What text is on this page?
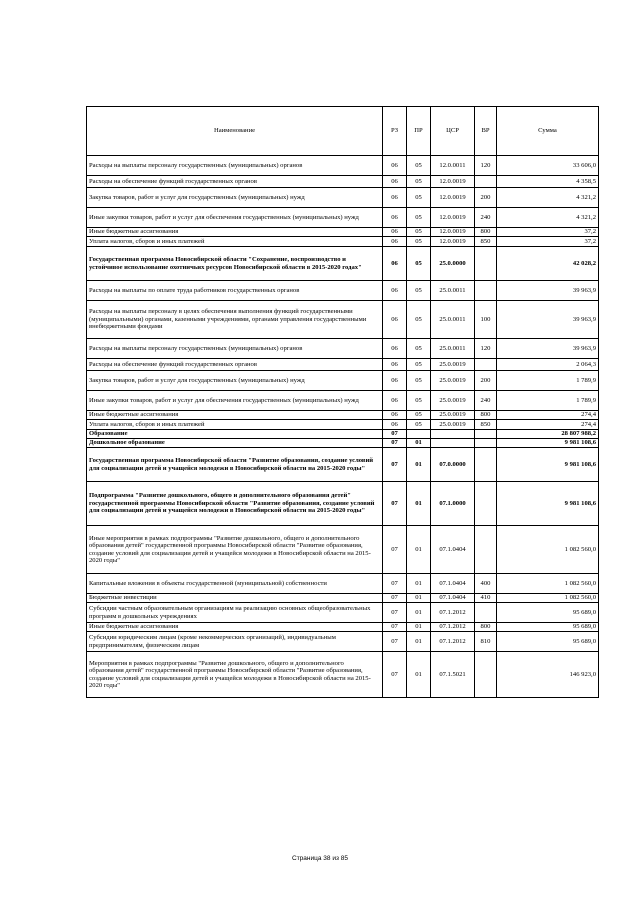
Наименование	РЗ	ПР	ЦСР	ВР	Сумма
Расходы на выплаты персоналу государственных (муниципальных) органов	06	05	12.0.0011	120	33 606,0
Расходы на обеспечение функций государственных органов	06	05	12.0.0019		4 358,5
Закупка товаров, работ и услуг для государственных (муниципальных) нужд	06	05	12.0.0019	200	4 321,2
Иные закупки товаров, работ и услуг для обеспечения государственных (муниципальных) нужд	06	05	12.0.0019	240	4 321,2
Иные бюджетные ассигнования	06	05	12.0.0019	800	37,2
Уплата налогов, сборов и иных платежей	06	05	12.0.0019	850	37,2
Государственная программа Новосибирской области "Сохранение, воспроизводство и устойчивое использование охотничьих ресурсов Новосибирской области в 2015-2020 годах"	06	05	25.0.0000		42 028,2
Расходы на выплаты по оплате труда работников государственных органов	06	05	25.0.0011		39 963,9
Расходы на выплаты персоналу в целях обеспечения выполнения функций государственными (муниципальными) органами, казенными учреждениями, органами управления государственными внебюджетными фондами	06	05	25.0.0011	100	39 963,9
Расходы на выплаты персоналу государственных (муниципальных) органов	06	05	25.0.0011	120	39 963,9
Расходы на обеспечение функций государственных органов	06	05	25.0.0019		2 064,3
Закупка товаров, работ и услуг для государственных (муниципальных) нужд	06	05	25.0.0019	200	1 789,9
Иные закупки товаров, работ и услуг для обеспечения государственных (муниципальных) нужд	06	05	25.0.0019	240	1 789,9
Иные бюджетные ассигнования	06	05	25.0.0019	800	274,4
Уплата налогов, сборов и иных платежей	06	05	25.0.0019	850	274,4
Образование	07				28 807 988,2
Дошкольное образование	07	01			9 981 108,6
Государственная программа Новосибирской области "Развитие образования, создание условий для социализации детей и учащейся молодежи в Новосибирской области на 2015-2020 годы"	07	01	07.0.0000		9 981 108,6
Подпрограмма "Развитие дошкольного, общего и дополнительного образования детей" государственной программы Новосибирской области "Развитие образования, создание условий для социализации детей и учащейся молодежи в Новосибирской области на 2015-2020 годы"	07	01	07.1.0000		9 981 108,6
Иные мероприятия в рамках подпрограммы "Развитие дошкольного, общего и дополнительного образования детей" государственной программы Новосибирской области "Развитие образования, создание условий для социализации детей и учащейся молодежи в Новосибирской области на 2015-2020 годы"	07	01	07.1.0404		1 082 560,0
Капитальные вложения в объекты государственной (муниципальной) собственности	07	01	07.1.0404	400	1 082 560,0
Бюджетные инвестиции	07	01	07.1.0404	410	1 082 560,0
Субсидии частным образовательным организациям на реализацию основных общеобразовательных программ в дошкольных учреждениях	07	01	07.1.2012		95 689,0
Иные бюджетные ассигнования	07	01	07.1.2012	800	95 689,0
Субсидии юридическим лицам (кроме некоммерческих организаций), индивидуальным предпринимателям, физическим лицам	07	01	07.1.2012	810	95 689,0
Мероприятия в рамках подпрограммы "Развитие дошкольного, общего и дополнительного образования детей" государственной программы Новосибирской области "Развитие образования, создание условий для социализации детей и учащейся молодежи в Новосибирской области на 2015-2020 годы"	07	01	07.1.5021		146 923,0
Страница 38 из 85
